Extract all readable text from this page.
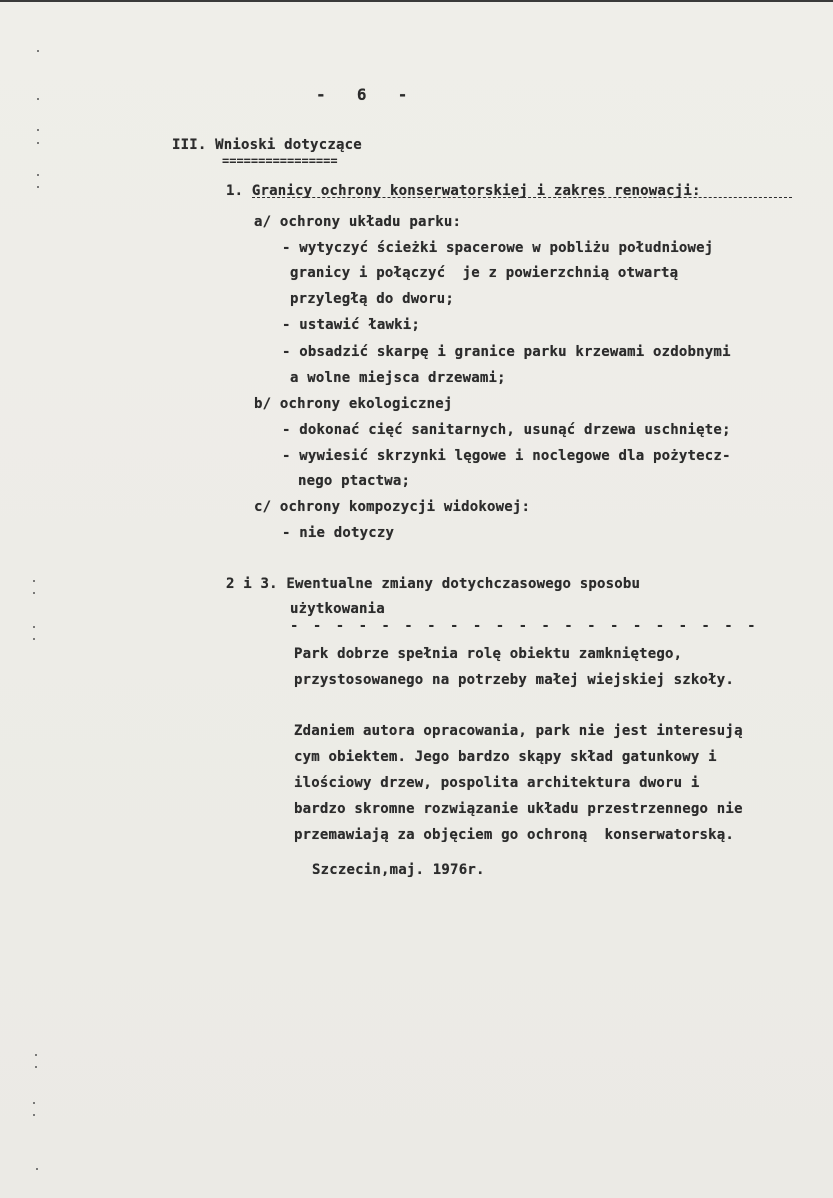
-  6  -
III. Wnioski dotyczące
================
1. Granicy ochrony konserwatorskiej i zakres renowacji:
a/ ochrony układu parku:
- wytyczyć ścieżki spacerowe w pobliżu południowej
granicy i połączyć  je z powierzchnią otwartą
przyległą do dworu;
- ustawić ławki;
- obsadzić skarpę i granice parku krzewami ozdobnymi
a wolne miejsca drzewami;
b/ ochrony ekologicznej
- dokonać cięć sanitarnych, usunąć drzewa uschnięte;
- wywiesić skrzynki lęgowe i noclegowe dla pożytecz-
nego ptactwa;
c/ ochrony kompozycji widokowej:
- nie dotyczy
2 i 3. Ewentualne zmiany dotychczasowego sposobu
użytkowania
- - - - - - - - - - - - - - - - - - - - -
Park dobrze spełnia rolę obiektu zamkniętego,
przystosowanego na potrzeby małej wiejskiej szkoły.
Zdaniem autora opracowania, park nie jest interesują
cym obiektem. Jego bardzo skąpy skład gatunkowy i
ilościowy drzew, pospolita architektura dworu i
bardzo skromne rozwiązanie układu przestrzennego nie
przemawiają za objęciem go ochroną  konserwatorską.
Szczecin,maj. 1976r.
